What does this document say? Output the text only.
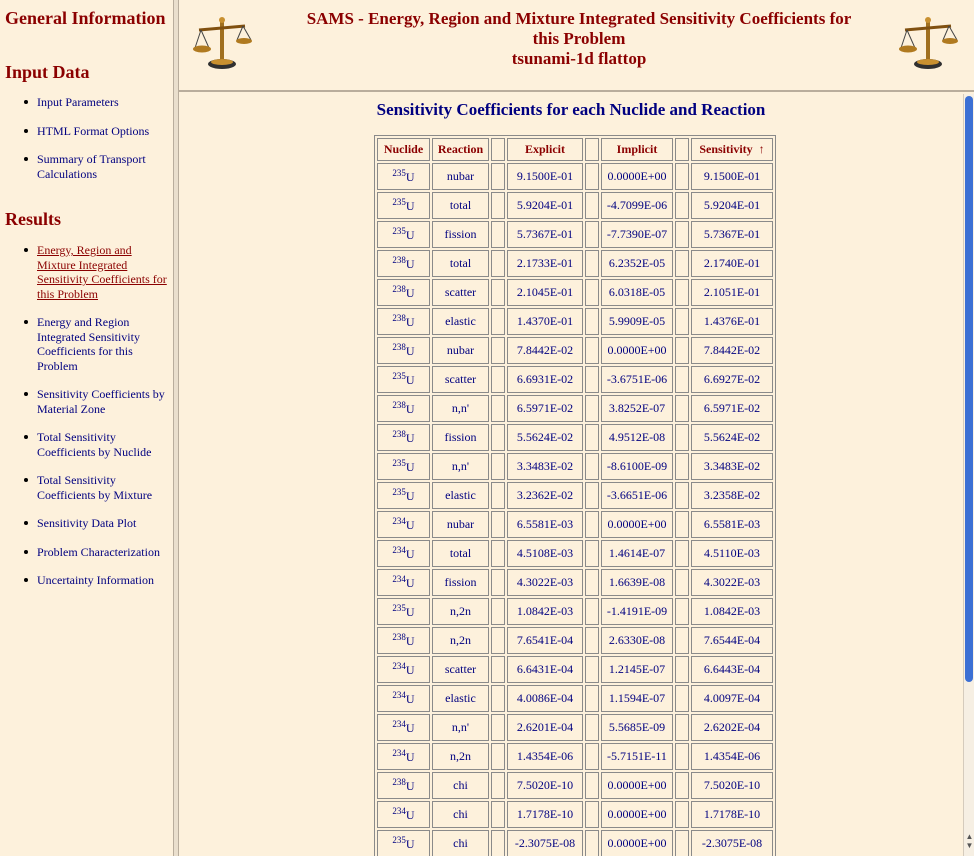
General Information
Input Data
Input Parameters
HTML Format Options
Summary of Transport Calculations
Results
Energy, Region and Mixture Integrated Sensitivity Coefficients for this Problem
Energy and Region Integrated Sensitivity Coefficients for this Problem
Sensitivity Coefficients by Material Zone
Total Sensitivity Coefficients by Nuclide
Total Sensitivity Coefficients by Mixture
Sensitivity Data Plot
Problem Characterization
Uncertainty Information
SAMS - Energy, Region and Mixture Integrated Sensitivity Coefficients for
this Problem
tsunami-1d flattop
Sensitivity Coefficients for each Nuclide and Reaction
Nuclide	Reaction		Explicit		Implicit		Sensitivity ↑
$^{235}$U	nubar		9.1500E-01		0.0000E+00		9.1500E-01
$^{235}$U	total		5.9204E-01		-4.7099E-06		5.9204E-01
$^{235}$U	fission		5.7367E-01		-7.7390E-07		5.7367E-01
$^{238}$U	total		2.1733E-01		6.2352E-05		2.1740E-01
$^{238}$U	scatter		2.1045E-01		6.0318E-05		2.1051E-01
$^{238}$U	elastic		1.4370E-01		5.9909E-05		1.4376E-01
$^{238}$U	nubar		7.8442E-02		0.0000E+00		7.8442E-02
$^{235}$U	scatter		6.6931E-02		-3.6751E-06		6.6927E-02
$^{238}$U	n,n'		6.5971E-02		3.8252E-07		6.5971E-02
$^{238}$U	fission		5.5624E-02		4.9512E-08		5.5624E-02
$^{235}$U	n,n'		3.3483E-02		-8.6100E-09		3.3483E-02
$^{235}$U	elastic		3.2362E-02		-3.6651E-06		3.2358E-02
$^{234}$U	nubar		6.5581E-03		0.0000E+00		6.5581E-03
$^{234}$U	total		4.5108E-03		1.4614E-07		4.5110E-03
$^{234}$U	fission		4.3022E-03		1.6639E-08		4.3022E-03
$^{235}$U	n,2n		1.0842E-03		-1.4191E-09		1.0842E-03
$^{238}$U	n,2n		7.6541E-04		2.6330E-08		7.6544E-04
$^{234}$U	scatter		6.6431E-04		1.2145E-07		6.6443E-04
$^{234}$U	elastic		4.0086E-04		1.1594E-07		4.0097E-04
$^{234}$U	n,n'		2.6201E-04		5.5685E-09		2.6202E-04
$^{234}$U	n,2n		1.4354E-06		-5.7151E-11		1.4354E-06
$^{238}$U	chi		7.5020E-10		0.0000E+00		7.5020E-10
$^{234}$U	chi		1.7178E-10		0.0000E+00		1.7178E-10
$^{235}$U	chi		-2.3075E-08		0.0000E+00		-2.3075E-08	▲
▼
